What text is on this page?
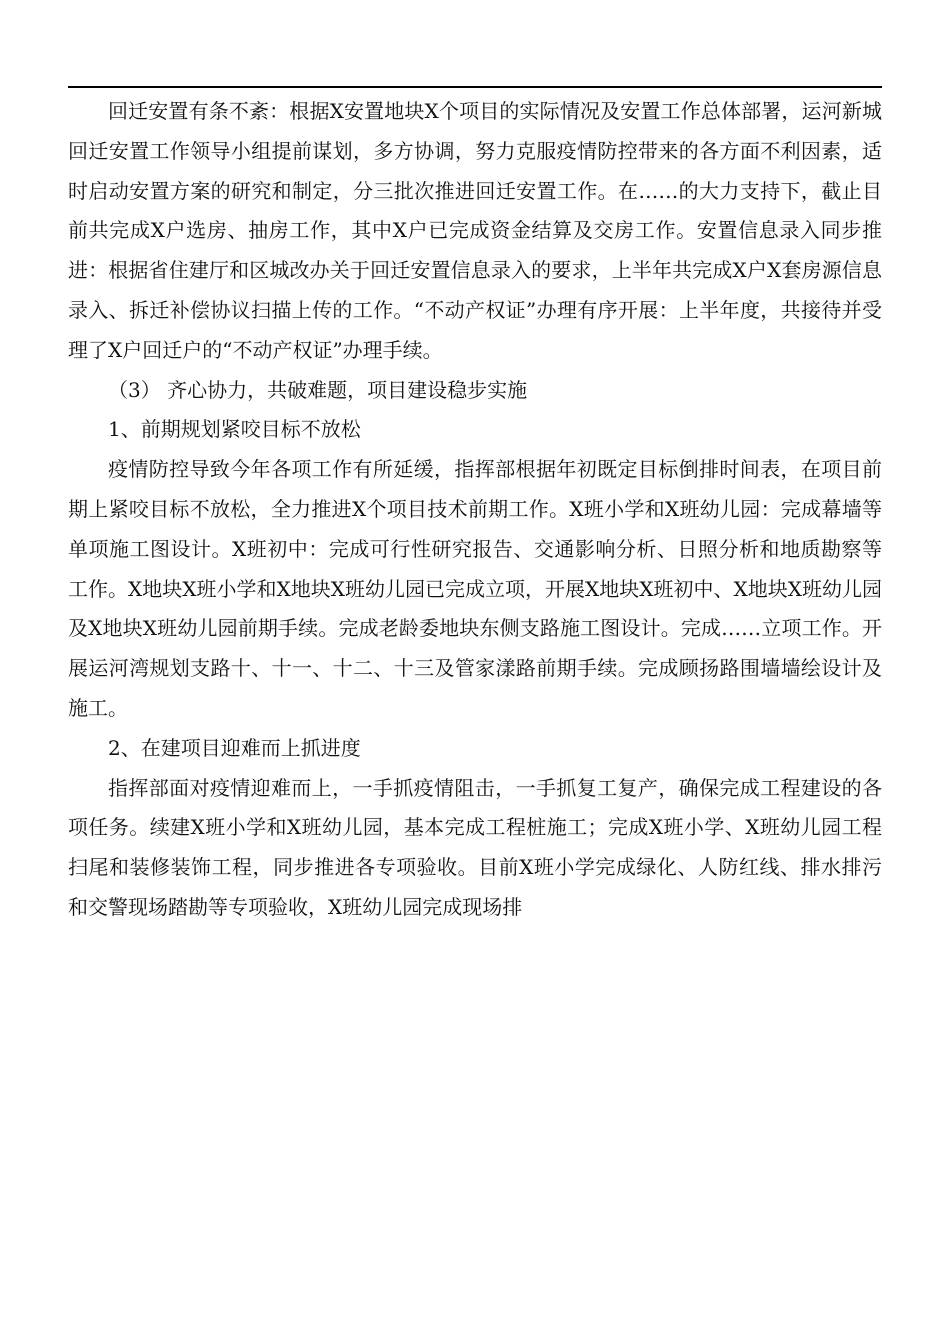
回迁安置有条不紊：根据X安置地块X个项目的实际情况及安置工作总体部署，运河新城回迁安置工作领导小组提前谋划，多方协调，努力克服疫情防控带来的各方面不利因素，适时启动安置方案的研究和制定，分三批次推进回迁安置工作。在……的大力支持下，截止目前共完成X户选房、抽房工作，其中X户已完成资金结算及交房工作。安置信息录入同步推进：根据省住建厅和区城改办关于回迁安置信息录入的要求，上半年共完成X户X套房源信息录入、拆迁补偿协议扫描上传的工作。“不动产权证”办理有序开展：上半年度，共接待并受理了X户回迁户的“不动产权证”办理手续。

（3） 齐心协力，共破难题，项目建设稳步实施

1、前期规划紧咬目标不放松

疫情防控导致今年各项工作有所延缓，指挥部根据年初既定目标倒排时间表，在项目前期上紧咬目标不放松，全力推进X个项目技术前期工作。X班小学和X班幼儿园：完成幕墙等单项施工图设计。X班初中：完成可行性研究报告、交通影响分析、日照分析和地质勘察等工作。X地块X班小学和X地块X班幼儿园已完成立项，开展X地块X班初中、X地块X班幼儿园及X地块X班幼儿园前期手续。完成老龄委地块东侧支路施工图设计。完成……立项工作。开展运河湾规划支路十、十一、十二、十三及管家漾路前期手续。完成顾扬路围墙墙绘设计及施工。

2、在建项目迎难而上抓进度

指挥部面对疫情迎难而上，一手抓疫情阻击，一手抓复工复产，确保完成工程建设的各项任务。续建X班小学和X班幼儿园，基本完成工程桩施工；完成X班小学、X班幼儿园工程扫尾和装修装饰工程，同步推进各专项验收。目前X班小学完成绿化、人防红线、排水排污和交警现场踏勘等专项验收，X班幼儿园完成现场排
